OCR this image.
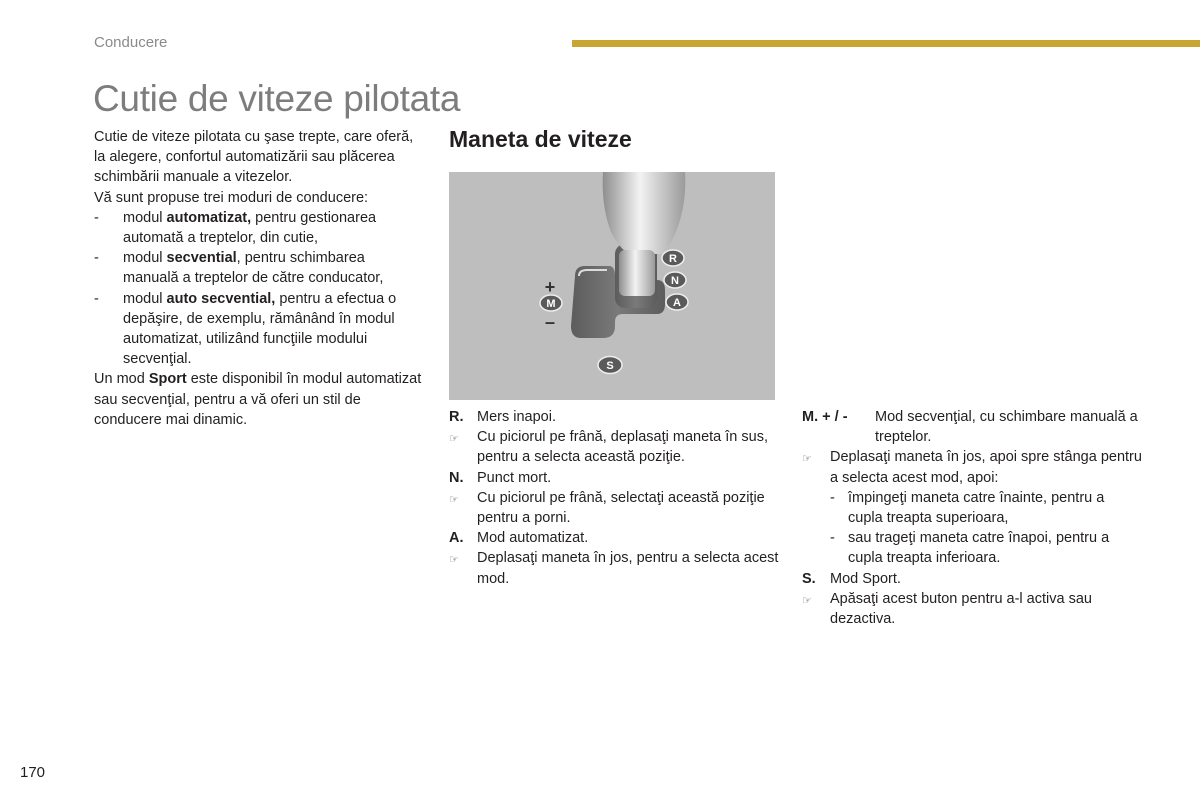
Conducere
Cutie de viteze pilotata

Cutie de viteze pilotata cu şase trepte, care oferă, la alegere, confortul automatizării sau plăcerea schimbării manuale a vitezelor.

Vă sunt propuse trei moduri de conducere:

-	modul automatizat, pentru gestionarea automată a treptelor, din cutie,
-	modul secvential, pentru schimbarea manuală a treptelor de către conducator,
-	modul auto secvential, pentru a efectua o depăşire, de exemplu, rămânând în modul automatizat, utilizând funcţiile modului secvenţial.

Un mod Sport este disponibil în modul automatizat sau secvenţial, pentru a vă oferi un stil de conducere mai dinamic.

Maneta de viteze
R
N
A
M
+
–
S
R. Mers inapoi.
☞	Cu piciorul pe frână, deplasaţi maneta în sus, pentru a selecta această poziţie.
N. Punct mort.
☞	Cu piciorul pe frână, selectaţi această poziţie pentru a porni.
A. Mod automatizat.
☞	Deplasaţi maneta în jos, pentru a selecta acest mod.
M. + / -	Mod secvenţial, cu schimbare manuală a treptelor.
☞	Deplasaţi maneta în jos, apoi spre stânga pentru a selecta acest mod, apoi:
- împingeţi maneta catre înainte, pentru a cupla treapta superioara,
- sau trageţi maneta catre înapoi, pentru a cupla treapta inferioara.
S. Mod Sport.
☞	Apăsaţi acest buton pentru a-l activa sau dezactiva.
170
